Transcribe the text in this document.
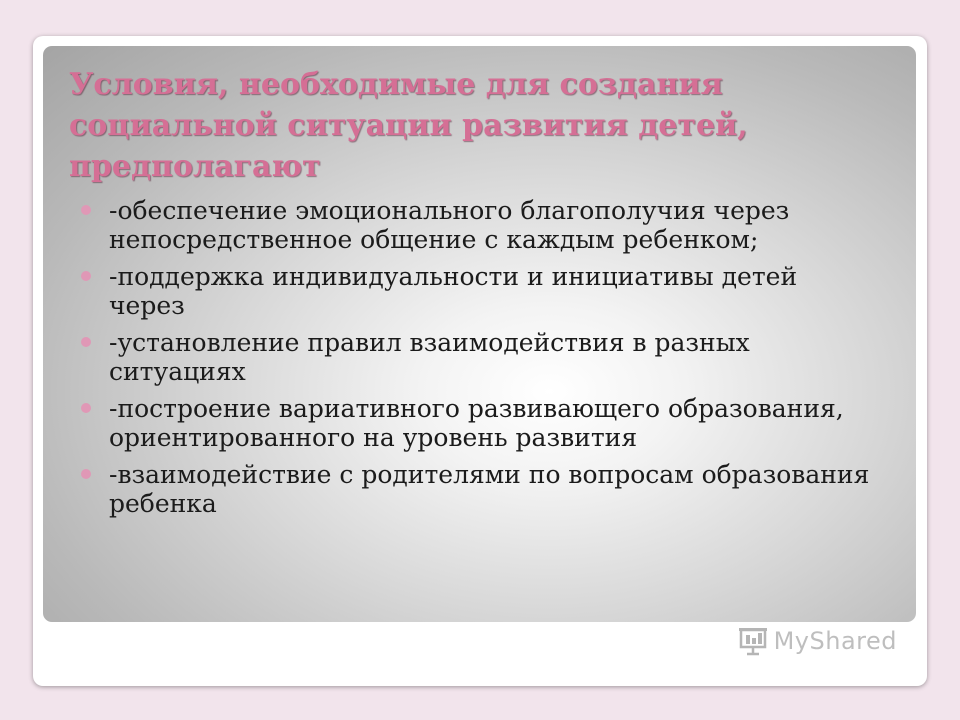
Условия, необходимые для создания социальной ситуации развития детей, предполагают
-обеспечение эмоционального благополучия через непосредственное общение с каждым ребенком;
-поддержка индивидуальности и инициативы детей через
-установление правил взаимодействия в разных ситуациях
-построение вариативного развивающего образования, ориентированного на уровень развития
-взаимодействие с родителями по вопросам образования ребенка
MyShared
